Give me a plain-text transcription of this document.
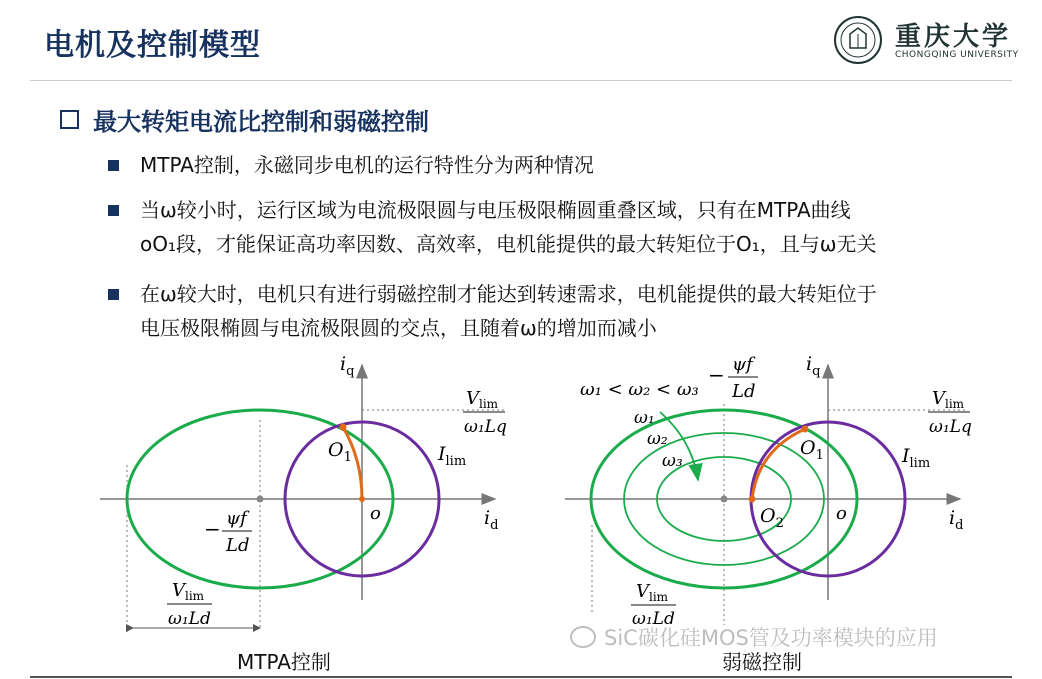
电机及控制模型	重庆大学
CHONGQING UNIVERSITY
最大转矩电流比控制和弱磁控制
MTPA控制，永磁同步电机的运行特性分为两种情况
当ω较小时，运行区域为电流极限圆与电压极限椭圆重叠区域，只有在MTPA曲线
oO₁段，才能保证高功率因数、高效率，电机能提供的最大转矩位于O₁，且与ω无关
在ω较大时，电机只有进行弱磁控制才能达到转速需求，电机能提供的最大转矩位于
电压极限椭圆与电流极限圆的交点，且随着ω的增加而减小
$i_q$
$i_d$
o
$O_1$	$I_{lim}$
$V_{lim}$
ω₁Lq
− ψf
Ld
$V_{lim}$
ω₁Ld
$i_q$
$i_d$
o
$O_1$
$O_2$
$I_{lim}$
ω₁ < ω₂ < ω₃
ω₁
ω₂
ω₃
− ψf
Ld	$V_{lim}$
ω₁Lq
$V_{lim}$
ω₁Ld
MTPA控制	弱磁控制
SiC碳化硅MOS管及功率模块的应用
